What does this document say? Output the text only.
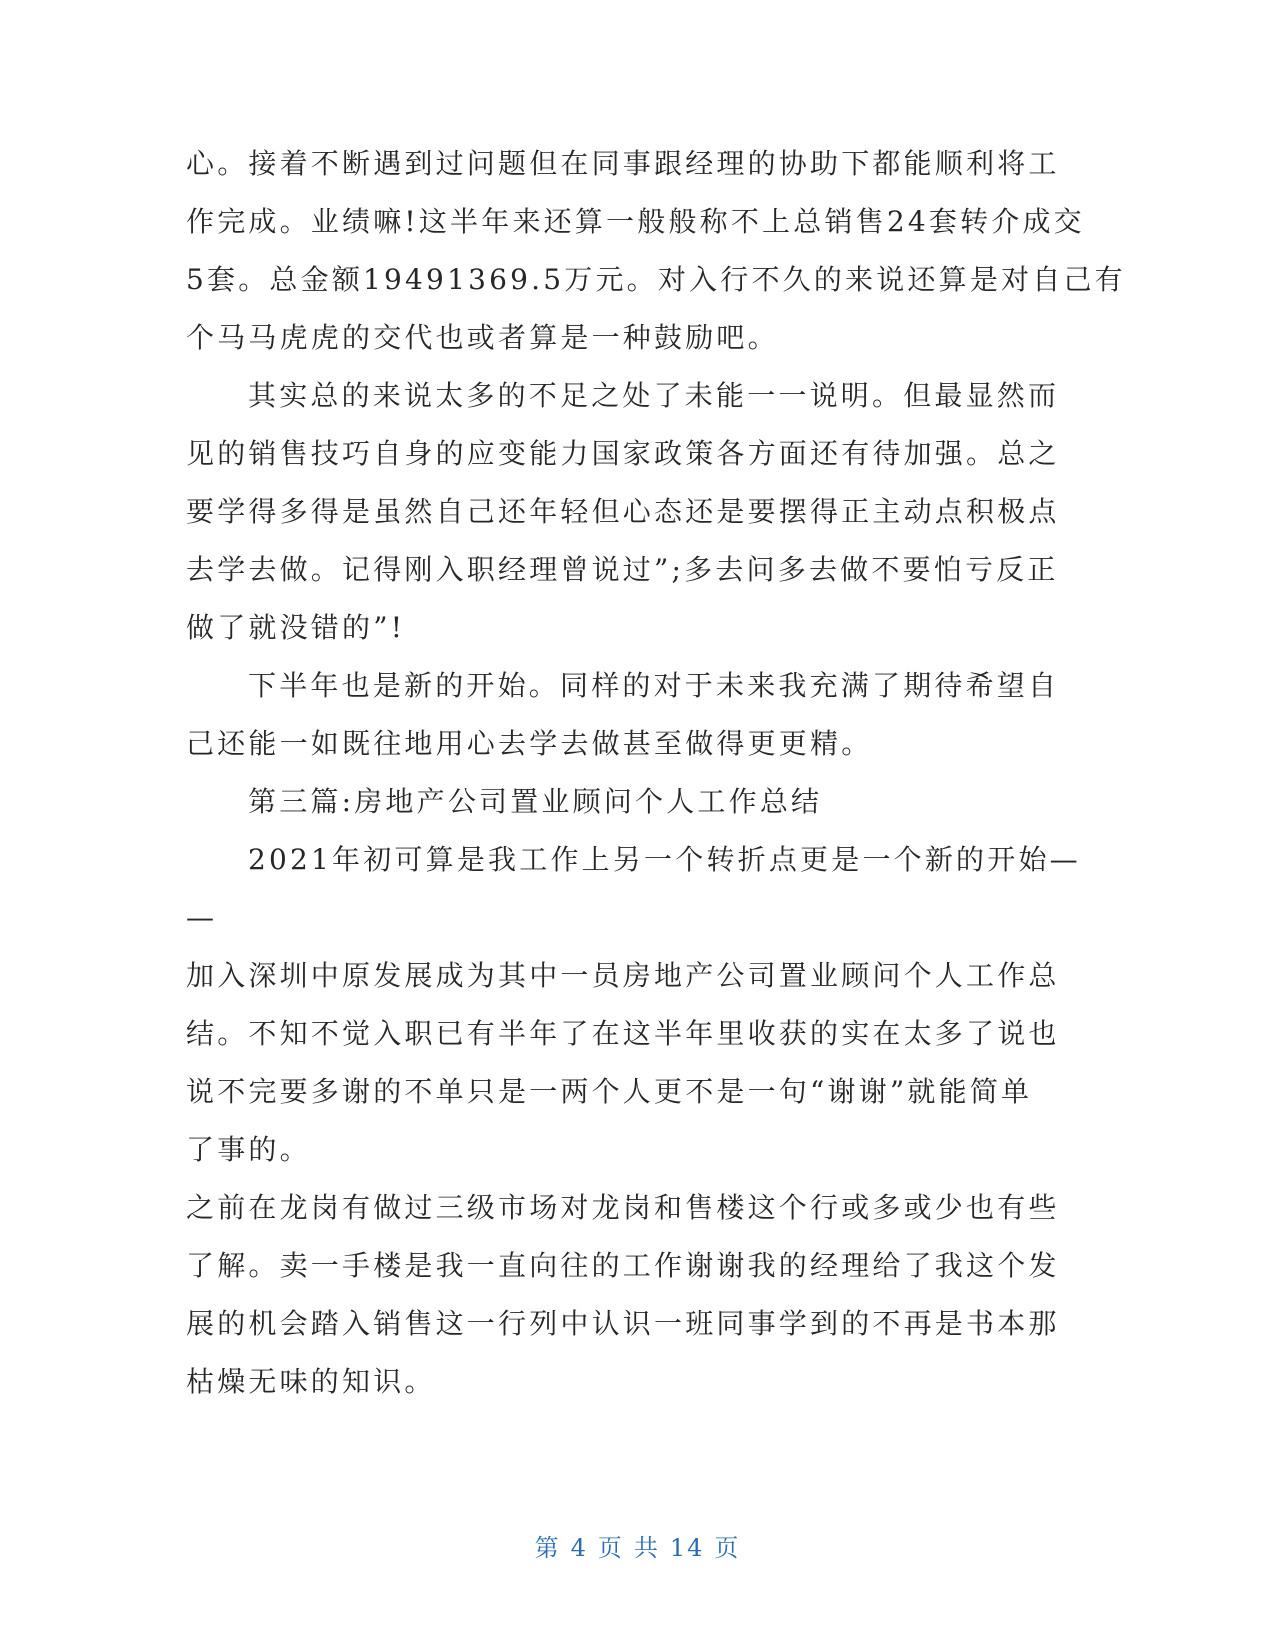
心。接着不断遇到过问题但在同事跟经理的协助下都能顺利将工
作完成。业绩嘛!这半年来还算一般般称不上总销售24套转介成交
5套。总金额19491369.5万元。对入行不久的来说还算是对自己有
个马马虎虎的交代也或者算是一种鼓励吧。
其实总的来说太多的不足之处了未能一一说明。但最显然而
见的销售技巧自身的应变能力国家政策各方面还有待加强。总之
要学得多得是虽然自己还年轻但心态还是要摆得正主动点积极点
去学去做。记得刚入职经理曾说过”;多去问多去做不要怕亏反正
做了就没错的”!
下半年也是新的开始。同样的对于未来我充满了期待希望自
己还能一如既往地用心去学去做甚至做得更更精。
第三篇:房地产公司置业顾问个人工作总结
2021年初可算是我工作上另一个转折点更是一个新的开始—
—
加入深圳中原发展成为其中一员房地产公司置业顾问个人工作总
结。不知不觉入职已有半年了在这半年里收获的实在太多了说也
说不完要多谢的不单只是一两个人更不是一句“谢谢”就能简单
了事的。
之前在龙岗有做过三级市场对龙岗和售楼这个行或多或少也有些
了解。卖一手楼是我一直向往的工作谢谢我的经理给了我这个发
展的机会踏入销售这一行列中认识一班同事学到的不再是书本那
枯燥无味的知识。
第 4 页 共 14 页
